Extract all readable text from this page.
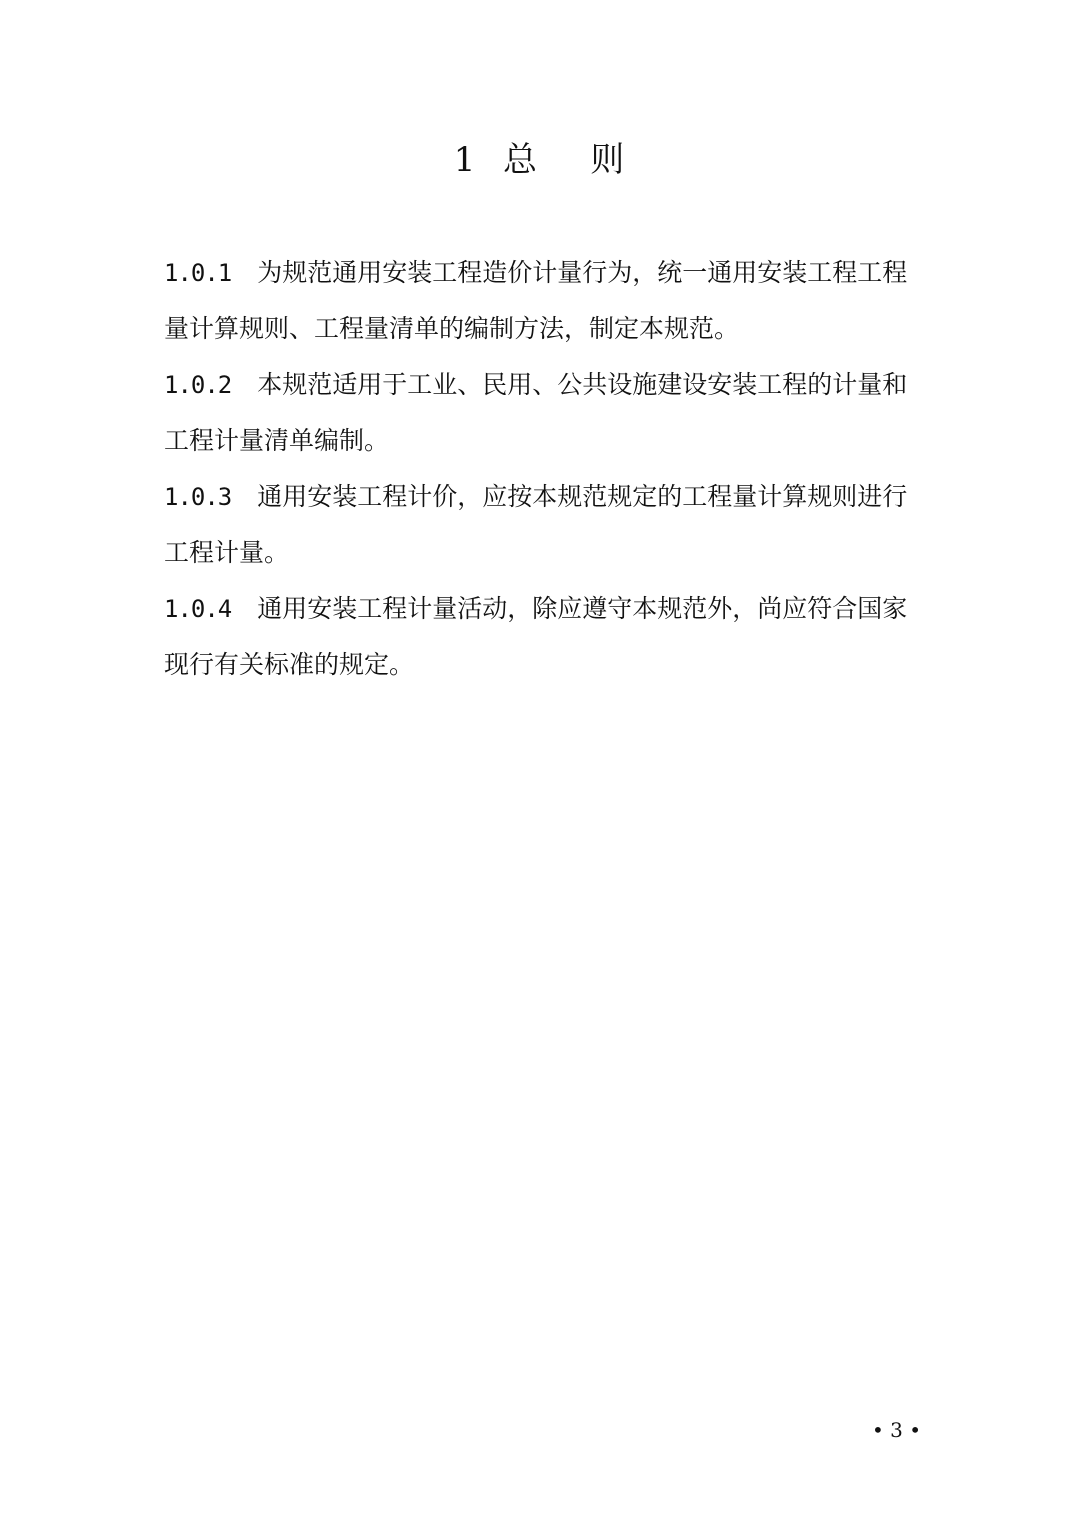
1  总    则

1.0.1 为规范通用安装工程造价计量行为，统一通用安装工程工程量计算规则、工程量清单的编制方法，制定本规范。

1.0.2 本规范适用于工业、民用、公共设施建设安装工程的计量和工程计量清单编制。

1.0.3 通用安装工程计价，应按本规范规定的工程量计算规则进行工程计量。

1.0.4 通用安装工程计量活动，除应遵守本规范外，尚应符合国家现行有关标准的规定。

• 3 •
